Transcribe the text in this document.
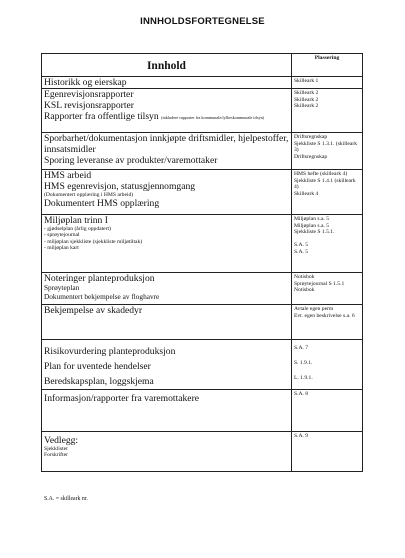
INNHOLDSFORTEGNELSE
Innhold	Plassering

Historikk og eierskap	Skilleark 1

Egenrevisjonsrapporter
KSL revisjonsrapporter
Rapporter fra offentlige tilsyn (inkludere rapporter fra kommunale/fylkeskommunale tilsyn)	Skilleark 2
Skilleark 2
Skilleark 2

Sporbarhet/dokumentasjon innkjøpte driftsmidler, hjelpestoffer, innsatsmidler
Sporing leveranse av produkter/varemottaker	Driftsregnskap
Sjekkliste S 1.3.1. (skilleark 3)
Driftsregnskap

HMS arbeid
HMS egenrevisjon, statusgjennomgang
(Dokumentert opplæring i HMS arbeid)
Dokumentert HMS opplæring	HMS hefte (skilleark 4)
Sjekkliste S 1.4.1 (skilleark 4)
Skilleark 4

Miljøplan trinn I
- gjødselplan (årlig oppdatert)
- sprøytejournal
- miljøplan sjekkliste (sjekkliste miljøtiltak)
- miljøplan kart	Miljøplan s.a. 5
Miljøplan s.a. 5
Sjekkliste S 1.5.1.

S.A. 5
S.A. 5

Noteringer planteproduksjon
Sprøyteplan
Dokumentert bekjempelse av floghavre	Notisbok
Sprøytejournal S 1.5.1
Notisbok

Bekjempelse av skadedyr	Avtale egen perm
Evt. egen beskrivelse s.a. 6

Risikovurdering planteproduksjon
Plan for uventede hendelser
Beredskapsplan, loggskjema	S.A. 7
S. 1.9.1.
L. 1.9.1.

Informasjon/rapporter fra varemottakere	S.A. 8

Vedlegg:
Sjekklister
Forskrifter	S.A. 9
S.A. = skilleark nr.
